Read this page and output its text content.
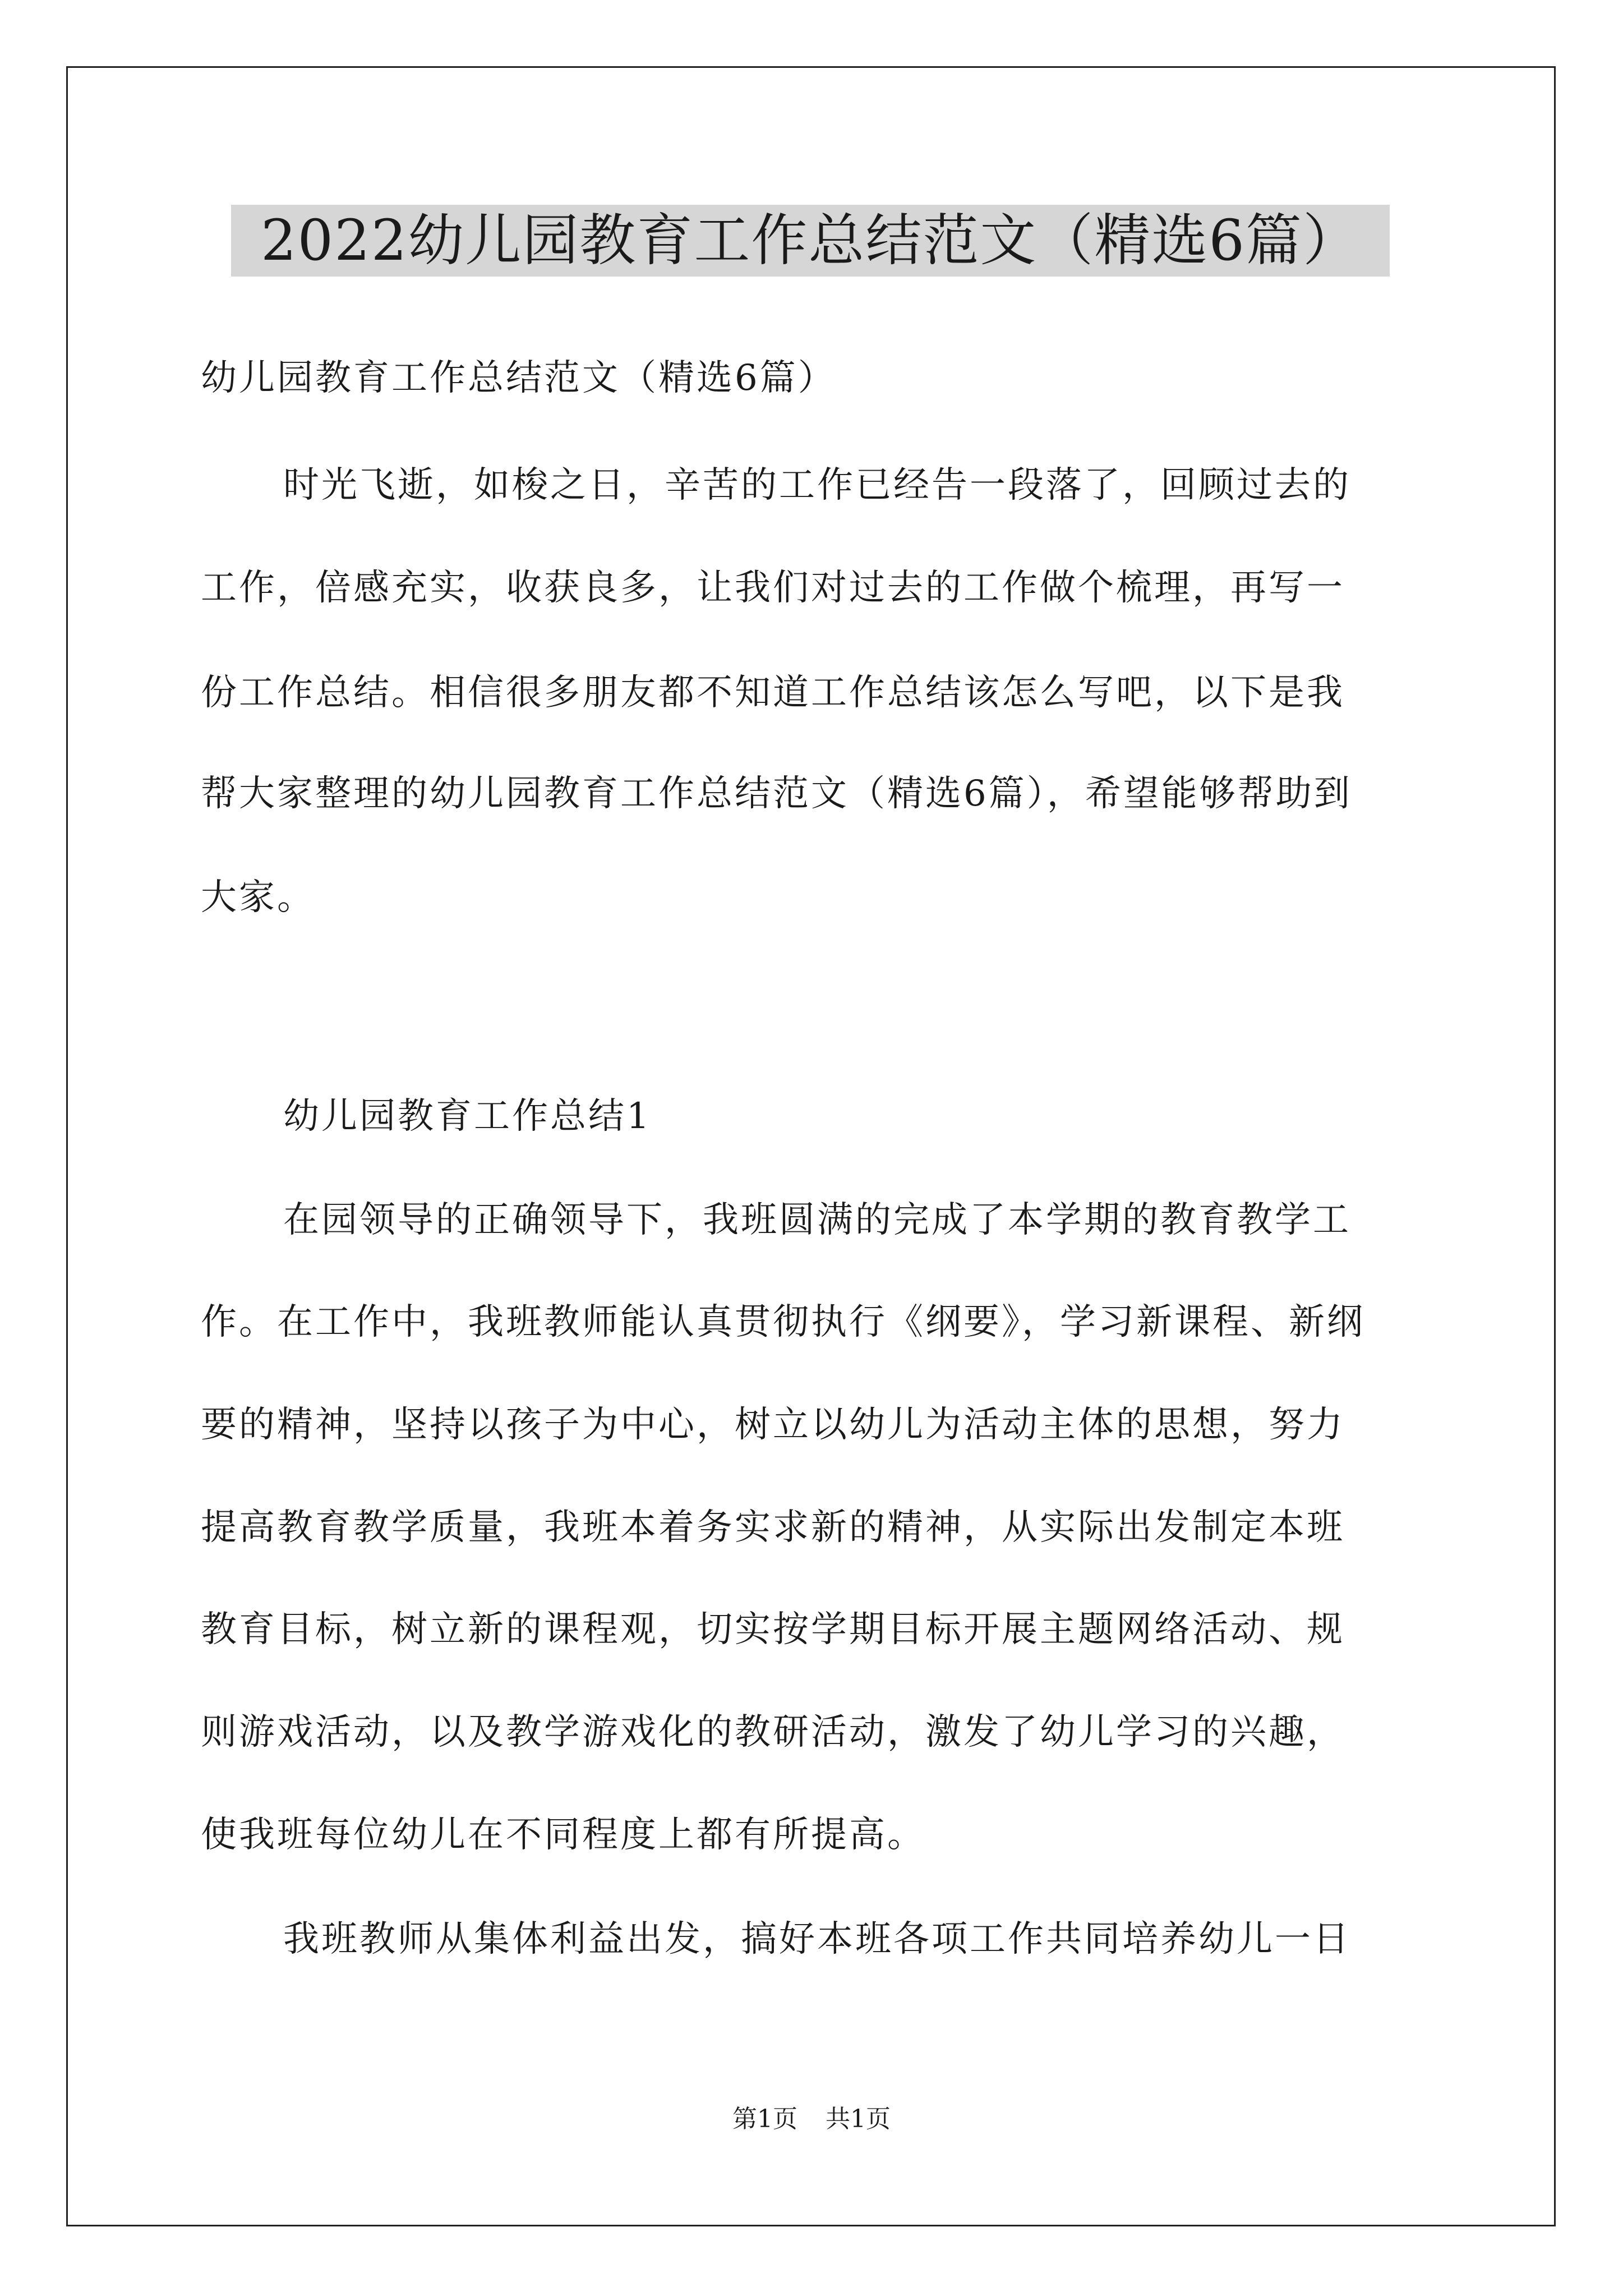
2022幼儿园教育工作总结范文（精选6篇）
幼儿园教育工作总结范文（精选6篇）
时光飞逝，如梭之日，辛苦的工作已经告一段落了，回顾过去的
工作，倍感充实，收获良多，让我们对过去的工作做个梳理，再写一
份工作总结。相信很多朋友都不知道工作总结该怎么写吧，以下是我
帮大家整理的幼儿园教育工作总结范文（精选6篇），希望能够帮助到
大家。
幼儿园教育工作总结1
在园领导的正确领导下，我班圆满的完成了本学期的教育教学工
作。在工作中，我班教师能认真贯彻执行《纲要》，学习新课程、新纲
要的精神，坚持以孩子为中心，树立以幼儿为活动主体的思想，努力
提高教育教学质量，我班本着务实求新的精神，从实际出发制定本班
教育目标，树立新的课程观，切实按学期目标开展主题网络活动、规
则游戏活动，以及教学游戏化的教研活动，激发了幼儿学习的兴趣，
使我班每位幼儿在不同程度上都有所提高。
我班教师从集体利益出发，搞好本班各项工作共同培养幼儿一日
第1页 共1页
